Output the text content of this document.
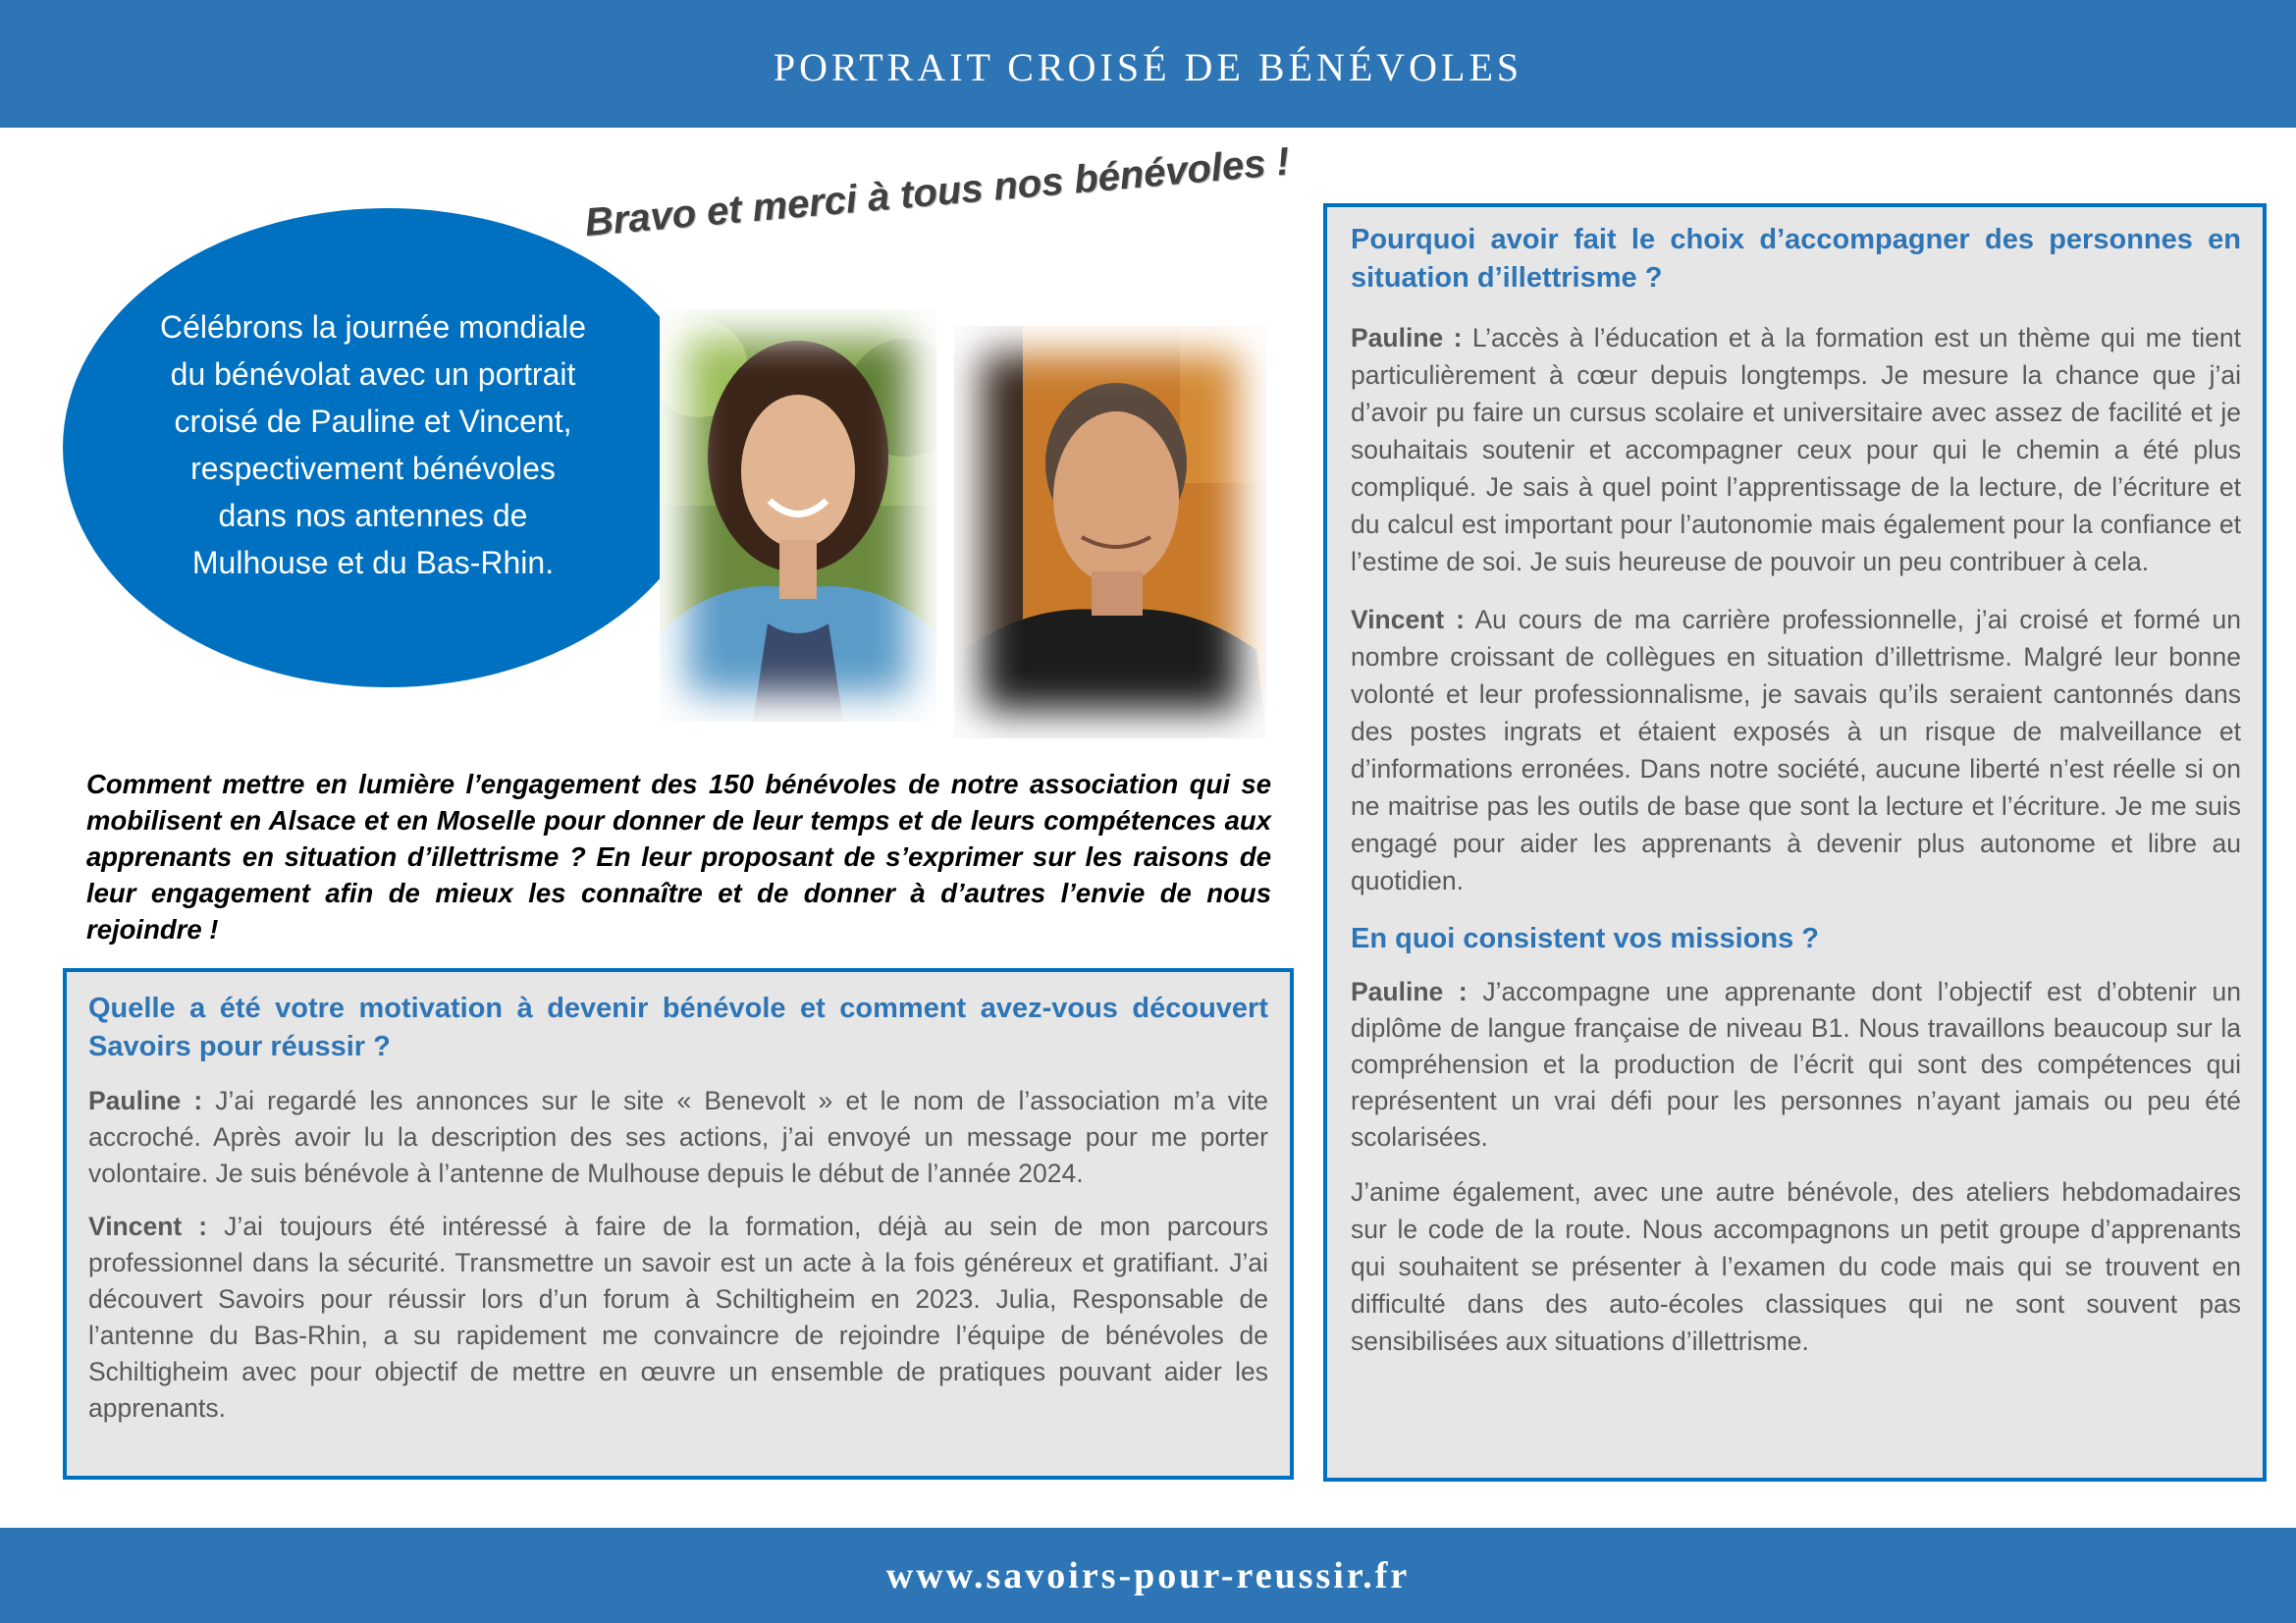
PORTRAIT CROISÉ DE BÉNÉVOLES
Bravo et merci à tous nos bénévoles !

Célébrons la journée mondiale du bénévolat avec un portrait croisé de Pauline et Vincent, respectivement bénévoles dans nos antennes de Mulhouse et du Bas-Rhin.

Comment mettre en lumière l’engagement des 150 bénévoles de notre association qui se mobilisent en Alsace et en Moselle pour donner de leur temps et de leurs compétences aux apprenants en situation d’illettrisme ? En leur proposant de s’exprimer sur les raisons de leur engagement afin de mieux les connaître et de donner à d’autres l’envie de nous rejoindre !

Quelle a été votre motivation à devenir bénévole et comment avez-vous découvert Savoirs pour réussir ?

Pauline : J’ai regardé les annonces sur le site « Benevolt » et le nom de l’association m’a vite accroché. Après avoir lu la description des ses actions, j’ai envoyé un message pour me porter volontaire. Je suis bénévole à l’antenne de Mulhouse depuis le début de l’année 2024.

Vincent : J’ai toujours été intéressé à faire de la formation, déjà au sein de mon parcours professionnel dans la sécurité. Transmettre un savoir est un acte à la fois généreux et gratifiant. J’ai découvert Savoirs pour réussir lors d’un forum à Schiltigheim en 2023. Julia, Responsable de l’antenne du Bas-Rhin, a su rapidement me convaincre de rejoindre l’équipe de bénévoles de Schiltigheim avec pour objectif de mettre en œuvre un ensemble de pratiques pouvant aider les apprenants.

Pourquoi avoir fait le choix d’accompagner des personnes en situation d’illettrisme ?

Pauline : L’accès à l’éducation et à la formation est un thème qui me tient particulièrement à cœur depuis longtemps. Je mesure la chance que j’ai d’avoir pu faire un cursus scolaire et universitaire avec assez de facilité et je souhaitais soutenir et accompagner ceux pour qui le chemin a été plus compliqué. Je sais à quel point l’apprentissage de la lecture, de l’écriture et du calcul est important pour l’autonomie mais également pour la confiance et l’estime de soi. Je suis heureuse de pouvoir un peu contribuer à cela.

Vincent : Au cours de ma carrière professionnelle, j’ai croisé et formé un nombre croissant de collègues en situation d’illettrisme. Malgré leur bonne volonté et leur professionnalisme, je savais qu’ils seraient cantonnés dans des postes ingrats et étaient exposés à un risque de malveillance et d’informations erronées. Dans notre société, aucune liberté n’est réelle si on ne maitrise pas les outils de base que sont la lecture et l’écriture. Je me suis engagé pour aider les apprenants à devenir plus autonome et libre au quotidien.

En quoi consistent vos missions ?

Pauline : J’accompagne une apprenante dont l’objectif est d’obtenir un diplôme de langue française de niveau B1. Nous travaillons beaucoup sur la compréhension et la production de l’écrit qui sont des compétences qui représentent un vrai défi pour les personnes n’ayant jamais ou peu été scolarisées.

J’anime également, avec une autre bénévole, des ateliers hebdomadaires sur le code de la route. Nous accompagnons un petit groupe d’apprenants qui souhaitent se présenter à l’examen du code mais qui se trouvent en difficulté dans des auto-écoles classiques qui ne sont souvent pas sensibilisées aux situations d’illettrisme.

www.savoirs-pour-reussir.fr
